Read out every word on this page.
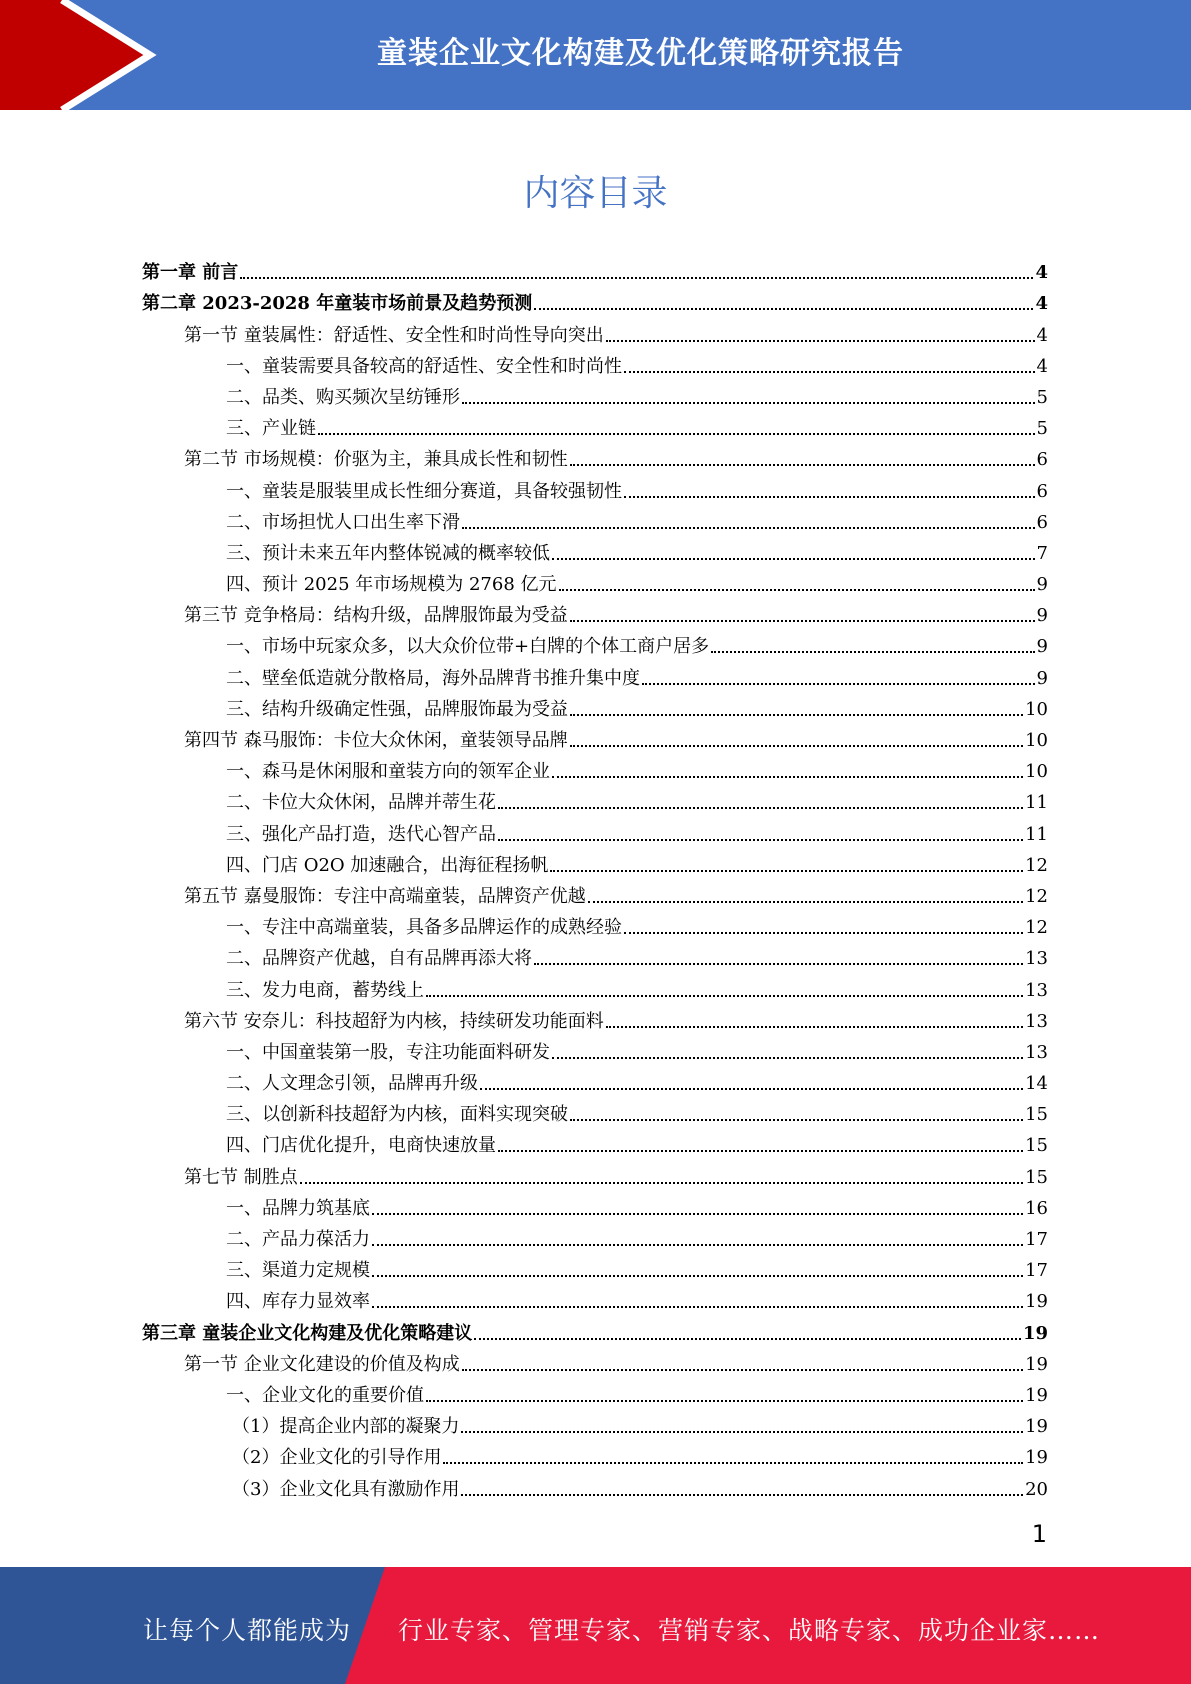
童装企业文化构建及优化策略研究报告
内容目录
第一章 前言	4
第二章 2023-2028 年童装市场前景及趋势预测	4
第一节 童装属性：舒适性、安全性和时尚性导向突出	4
一、童装需要具备较高的舒适性、安全性和时尚性	4
二、品类、购买频次呈纺锤形	5
三、产业链	5
第二节 市场规模：价驱为主，兼具成长性和韧性	6
一、童装是服装里成长性细分赛道，具备较强韧性	6
二、市场担忧人口出生率下滑	6
三、预计未来五年内整体锐减的概率较低	7
四、预计 2025 年市场规模为 2768 亿元	9
第三节 竞争格局：结构升级，品牌服饰最为受益	9
一、市场中玩家众多，以大众价位带+白牌的个体工商户居多	9
二、壁垒低造就分散格局，海外品牌背书推升集中度	9
三、结构升级确定性强，品牌服饰最为受益	10
第四节 森马服饰：卡位大众休闲，童装领导品牌	10
一、森马是休闲服和童装方向的领军企业	10
二、卡位大众休闲，品牌并蒂生花	11
三、强化产品打造，迭代心智产品	11
四、门店 O2O 加速融合，出海征程扬帆	12
第五节 嘉曼服饰：专注中高端童装，品牌资产优越	12
一、专注中高端童装，具备多品牌运作的成熟经验	12
二、品牌资产优越，自有品牌再添大将	13
三、发力电商，蓄势线上	13
第六节 安奈儿：科技超舒为内核，持续研发功能面料	13
一、中国童装第一股，专注功能面料研发	13
二、人文理念引领，品牌再升级	14
三、以创新科技超舒为内核，面料实现突破	15
四、门店优化提升，电商快速放量	15
第七节 制胜点	15
一、品牌力筑基底	16
二、产品力葆活力	17
三、渠道力定规模	17
四、库存力显效率	19
第三章 童装企业文化构建及优化策略建议	19
第一节 企业文化建设的价值及构成	19
一、企业文化的重要价值	19
（1）提高企业内部的凝聚力	19
（2）企业文化的引导作用	19
（3）企业文化具有激励作用	20
1
让每个人都能成为 行业专家、管理专家、营销专家、战略专家、成功企业家……
